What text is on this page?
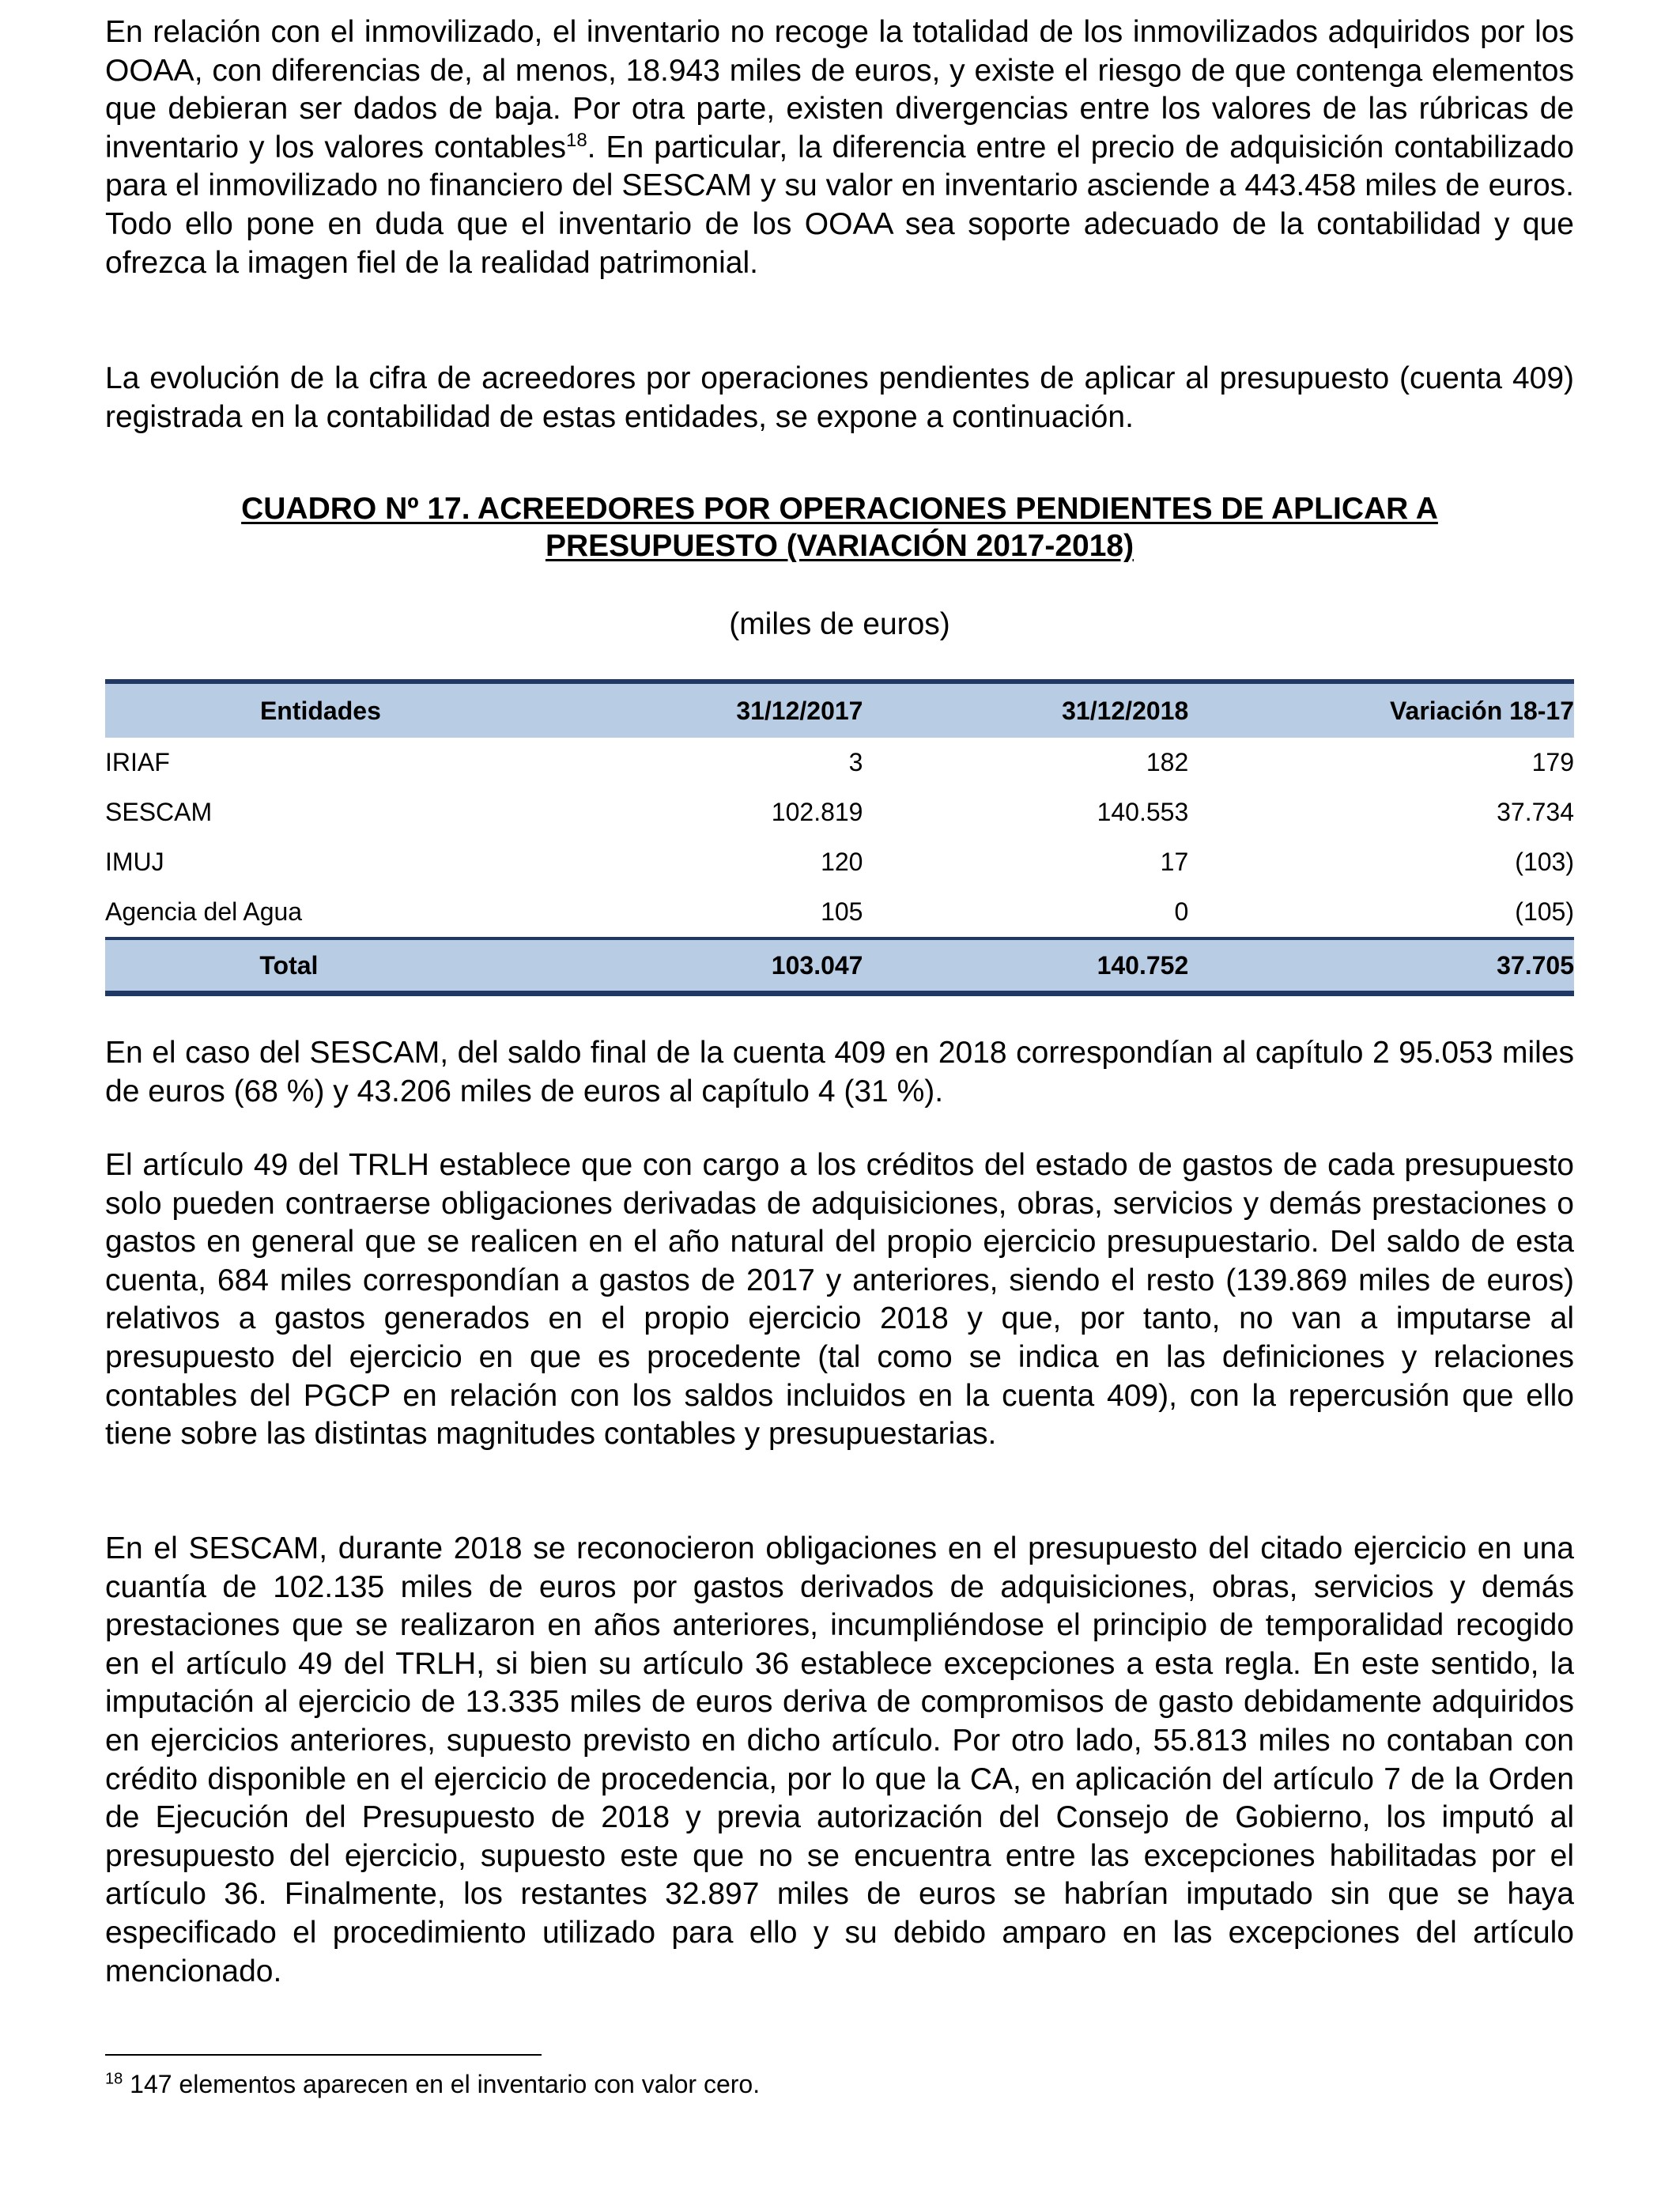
En relación con el inmovilizado, el inventario no recoge la totalidad de los inmovilizados adquiridos por los OOAA, con diferencias de, al menos, 18.943 miles de euros, y existe el riesgo de que contenga elementos que debieran ser dados de baja. Por otra parte, existen divergencias entre los valores de las rúbricas de inventario y los valores contables$^{18}$. En particular, la diferencia entre el precio de adquisición contabilizado para el inmovilizado no financiero del SESCAM y su valor en inventario asciende a 443.458 miles de euros. Todo ello pone en duda que el inventario de los OOAA sea soporte adecuado de la contabilidad y que ofrezca la imagen fiel de la realidad patrimonial.

La evolución de la cifra de acreedores por operaciones pendientes de aplicar al presupuesto (cuenta 409) registrada en la contabilidad de estas entidades, se expone a continuación.

CUADRO Nº 17. ACREEDORES POR OPERACIONES PENDIENTES DE APLICAR A
PRESUPUESTO (VARIACIÓN 2017-2018)
(miles de euros)
Entidades	31/12/2017	31/12/2018	Variación 18-17
IRIAF	3	182	179
SESCAM	102.819	140.553	37.734
IMUJ	120	17	(103)
Agencia del Agua	105	0	(105)
Total	103.047	140.752	37.705

En el caso del SESCAM, del saldo final de la cuenta 409 en 2018 correspondían al capítulo 2 95.053 miles de euros (68 %) y 43.206 miles de euros al capítulo 4 (31 %).

El artículo 49 del TRLH establece que con cargo a los créditos del estado de gastos de cada presupuesto solo pueden contraerse obligaciones derivadas de adquisiciones, obras, servicios y demás prestaciones o gastos en general que se realicen en el año natural del propio ejercicio presupuestario. Del saldo de esta cuenta, 684 miles correspondían a gastos de 2017 y anteriores, siendo el resto (139.869 miles de euros) relativos a gastos generados en el propio ejercicio 2018 y que, por tanto, no van a imputarse al presupuesto del ejercicio en que es procedente (tal como se indica en las definiciones y relaciones contables del PGCP en relación con los saldos incluidos en la cuenta 409), con la repercusión que ello tiene sobre las distintas magnitudes contables y presupuestarias.

En el SESCAM, durante 2018 se reconocieron obligaciones en el presupuesto del citado ejercicio en una cuantía de 102.135 miles de euros por gastos derivados de adquisiciones, obras, servicios y demás prestaciones que se realizaron en años anteriores, incumpliéndose el principio de temporalidad recogido en el artículo 49 del TRLH, si bien su artículo 36 establece excepciones a esta regla. En este sentido, la imputación al ejercicio de 13.335 miles de euros deriva de compromisos de gasto debidamente adquiridos en ejercicios anteriores, supuesto previsto en dicho artículo. Por otro lado, 55.813 miles no contaban con crédito disponible en el ejercicio de procedencia, por lo que la CA, en aplicación del artículo 7 de la Orden de Ejecución del Presupuesto de 2018 y previa autorización del Consejo de Gobierno, los imputó al presupuesto del ejercicio, supuesto este que no se encuentra entre las excepciones habilitadas por el artículo 36. Finalmente, los restantes 32.897 miles de euros se habrían imputado sin que se haya especificado el procedimiento utilizado para ello y su debido amparo en las excepciones del artículo mencionado.

$^{18}$ 147 elementos aparecen en el inventario con valor cero.
